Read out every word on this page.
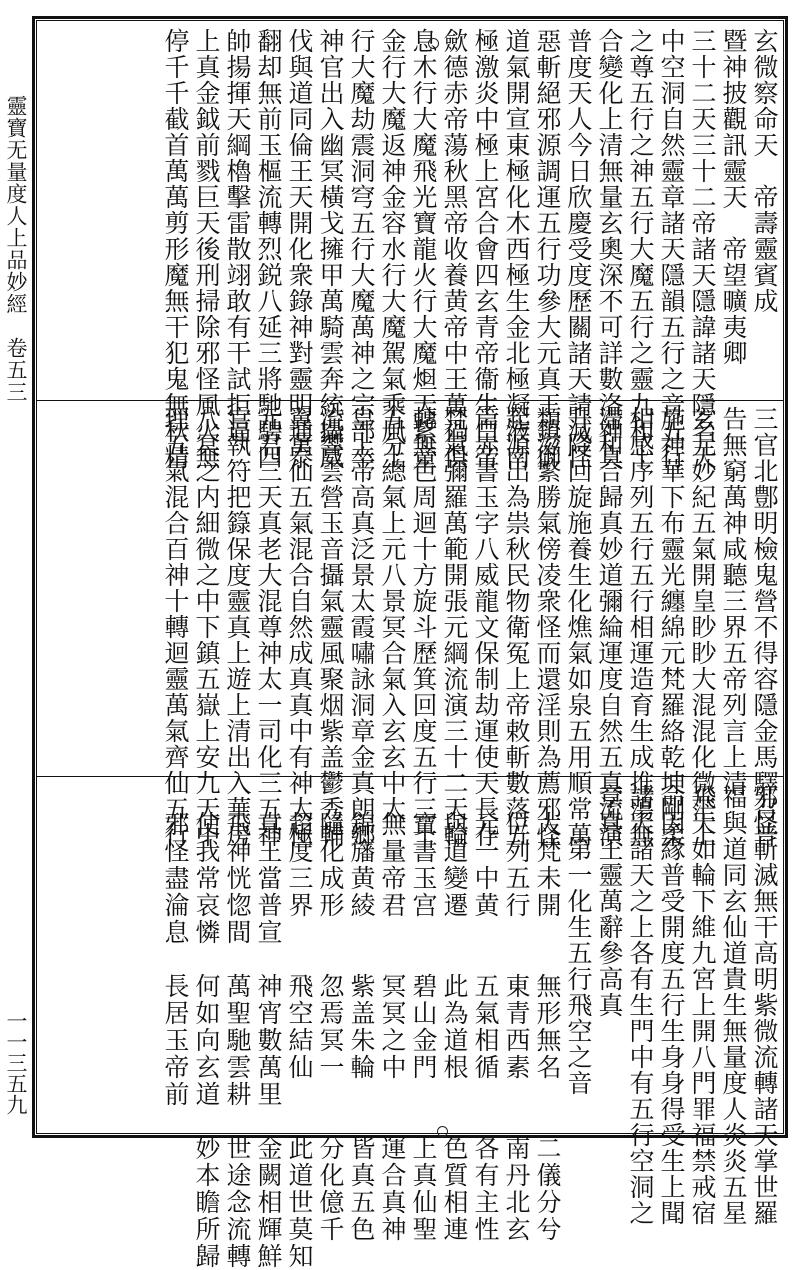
靈寶无量度人上品妙經　卷五三
一一三五九
玄微察命天　帝壽靈賓成
暨神披觀訊靈天　帝望曠夷卿
三十二天三十二帝諸天隱諱諸天隱名天
中空洞自然靈章諸天隱韻五行之音五行
之尊五行之神五行大魔五行之靈九和十
合變化上清無量玄奧深不可詳數洛神真
普度天人今日欣慶受度歷關諸天請滅怪
惡斬絕邪源調運五行功參大元真王鎮御
道氣開宣東極化木西極生金北極凝液南
極激炎中極上宮合會四玄青帝衞生白帝
歛德赤帝蕩秋黑帝收養黄帝中王萬禍俱
息木行大魔飛光寶龍火行大魔炟天紫童
金行大魔返神金容水行大魔駕氣乘風土
行大魔劫震洞穹五行大魔萬神之宗部卒
神官出入幽冥橫戈擁甲萬騎雲奔統攝威
伐與道同倫王天開化衆錄神對靈明通泰
翻却無前玉樞流轉烈鋭八延三將馳騁四
帥揚揮天綱櫓擊雷散翊敢有干試拒逼
上真金鉞前戮巨天後刑掃除邪怪風火無
停千千截首萬萬剪形魔無干犯鬼無秋精
三官北鄷明檢鬼營不得容隱金馬驛召普
告無窮萬神咸聽三界五帝列言上清
玄元妙紀五氣開皇眇眇大混混化微茫上
施神華下布靈光纏綿元梵羅絡乾坤剛柔
相感序列五行五行相運造育生成推蕩無
滯和合歸真妙道彌綸運度自然五真流演
升降回旋施養生化燋氣如泉五用順常萬
類滋繁勝氣傍凌衆怪而還淫則為薦邪怪
起源出為祟秋民物衛冤上帝敕斬數落五
篇赤書玉字八威龍文保制劫運使天長存
梵氣彌羅萬範開張元綱流演三十二天輪
轉無色周迴十方旋斗歷箕回度五行三十
五分總氣上元八景冥合氣入玄玄中太
皇上帝高真泛景太霞嘯詠洞章金真朗鄉
流響雲營玉音攝氣靈風聚烟紫盖鬱秀輔
翼萬仙五氣混合自然成真真中有神太極
元君三天真老大混尊神太一司化三五神
官執符把籙保度靈真上遊上清出入華房
八冥之内細微之中下鎮五嶽上安九天中
理五氣混合百神十轉迴靈萬氣齊仙五行
邪怪斬滅無干高明紫微流轉諸天掌世羅
福與道同玄仙道貴生無量度人炎炎五星
飛天如輪下維九宮上開八門罪福禁戒宿
命因緣普受開度五行生身身得受生上聞
諸天諸天之上各有生門中有五行空洞之
章真王靈萬辭參高真
　　第一化生五行飛空之音
　大梵未開　　無形無名　　二儀分兮
　位列五行　　東青西素　　南丹北玄
　元一中黄　　五氣相循　　各有主性
　與道變遷　　此為道根　　色質相連
　寶書玉宫　　碧山金門　　上真仙聖
　無量帝君　　冥冥之中　　運合真神
　錦旛黄綾　　紫盖朱輪　　皆真五色
　隨化成形　　忽焉冥一　　分化億千
　超度三界　　飛空結仙　　此道世莫知
　真王當普宣　神宵數萬里　金闕相輝鮮
　飛神恍惚間　萬聖馳雲耕　世途念流轉
　使我常哀憐　何如向玄道　妙本瞻所歸
　邪怪盡淪息　長居玉帝前
